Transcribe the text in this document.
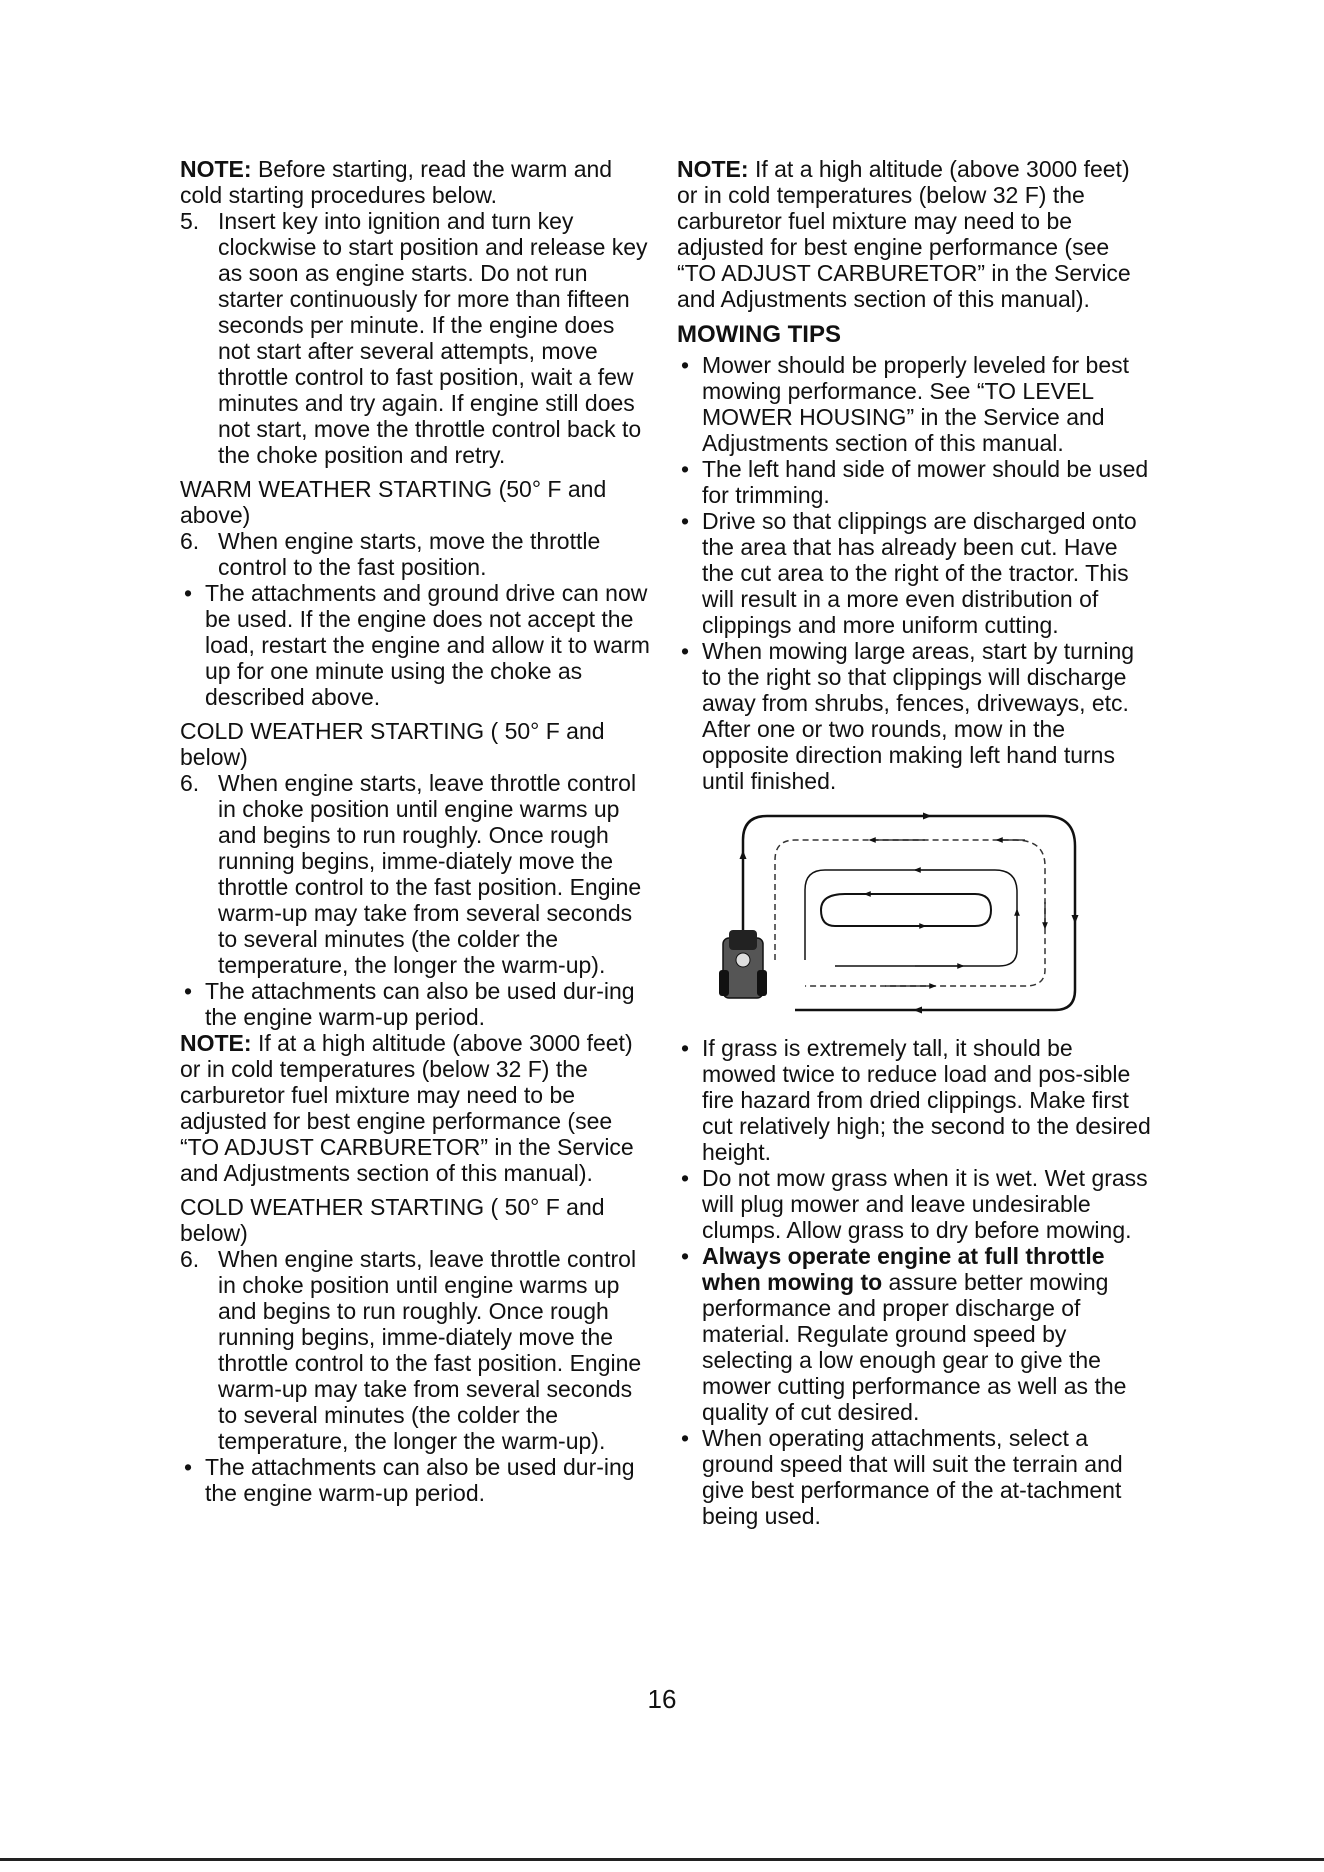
NOTE: Before starting, read the warm and cold starting procedures below.

5. Insert key into ignition and turn key clockwise to start position and release key as soon as engine starts. Do not run starter continuously for more than fifteen seconds per minute. If the engine does not start after several attempts, move throttle control to fast position, wait a few minutes and try again. If engine still does not start, move the throttle control back to the choke position and retry.

WARM WEATHER STARTING (50° F and above)

6. When engine starts, move the throttle control to the fast position.
• The attachments and ground drive can now be used. If the engine does not accept the load, restart the engine and allow it to warm up for one minute using the choke as described above.

COLD WEATHER STARTING ( 50° F and below)

6. When engine starts, leave throttle control in choke position until engine warms up and begins to run roughly. Once rough running begins, imme-diately move the throttle control to the fast position. Engine warm-up may take from several seconds to several minutes (the colder the temperature, the longer the warm-up).
• The attachments can also be used dur-ing the engine warm-up period.

NOTE: If at a high altitude (above 3000 feet) or in cold temperatures (below 32 F) the carburetor fuel mixture may need to be adjusted for best engine performance (see “TO ADJUST CARBURETOR” in the Service and Adjustments section of this manual).

COLD WEATHER STARTING ( 50° F and below)

6. When engine starts, leave throttle control in choke position until engine warms up and begins to run roughly. Once rough running begins, imme-diately move the throttle control to the fast position. Engine warm-up may take from several seconds to several minutes (the colder the temperature, the longer the warm-up).
• The attachments can also be used dur-ing the engine warm-up period.

NOTE: If at a high altitude (above 3000 feet) or in cold temperatures (below 32 F) the carburetor fuel mixture may need to be adjusted for best engine performance (see “TO ADJUST CARBURETOR” in the Service and Adjustments section of this manual).

MOWING TIPS

• Mower should be properly leveled for best mowing performance. See “TO LEVEL MOWER HOUSING” in the Service and Adjustments section of this manual.
• The left hand side of mower should be used for trimming.
• Drive so that clippings are discharged onto the area that has already been cut. Have the cut area to the right of the tractor. This will result in a more even distribution of clippings and more uniform cutting.
• When mowing large areas, start by turning to the right so that clippings will discharge away from shrubs, fences, driveways, etc. After one or two rounds, mow in the opposite direction making left hand turns until finished.
• If grass is extremely tall, it should be mowed twice to reduce load and pos-sible fire hazard from dried clippings. Make first cut relatively high; the second to the desired height.
• Do not mow grass when it is wet. Wet grass will plug mower and leave undesirable clumps. Allow grass to dry before mowing.
• Always operate engine at full throttle when mowing to assure better mowing performance and proper discharge of material. Regulate ground speed by selecting a low enough gear to give the mower cutting performance as well as the quality of cut desired.
• When operating attachments, select a ground speed that will suit the terrain and give best performance of the at-tachment being used.
16
